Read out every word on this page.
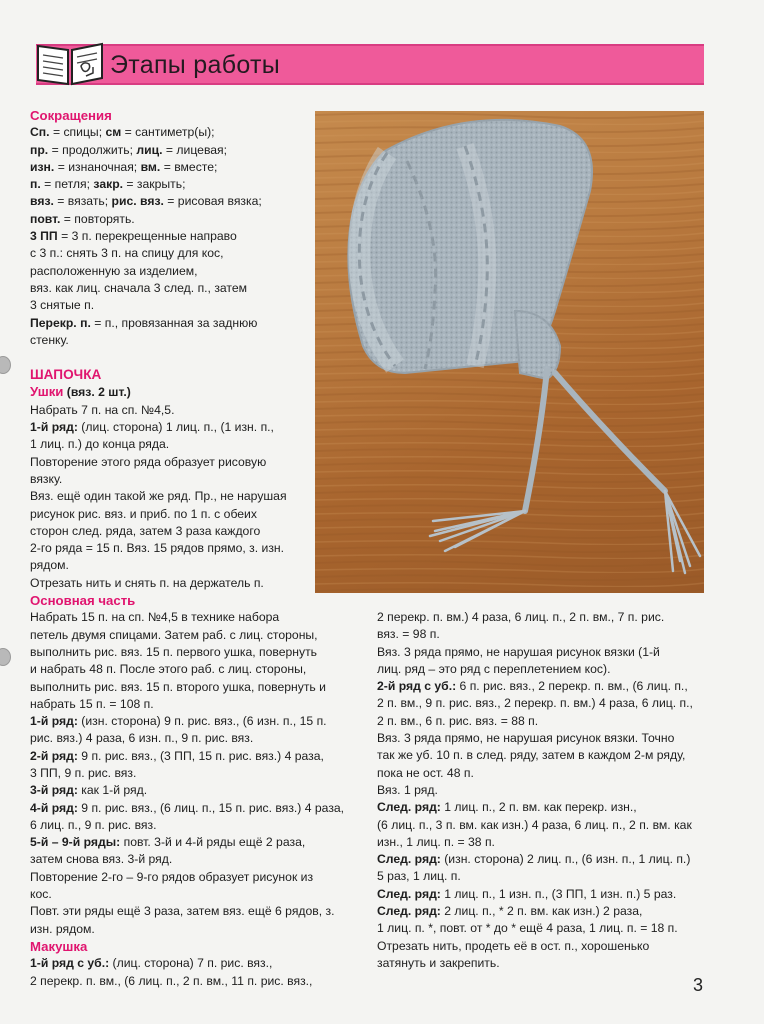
Этапы работы

Сокращения

Сп. = спицы; см = сантиметр(ы);

пр. = продолжить; лиц. = лицевая;

изн. = изнаночная; вм. = вместе;

п. = петля; закр. = закрыть;

вяз. = вязать; рис. вяз. = рисовая вязка;

повт. = повторять.

3 ПП = 3 п. перекрещенные направо

с 3 п.: снять 3 п. на спицу для кос,

расположенную за изделием,

вяз. как лиц. сначала 3 след. п., затем

3 снятые п.

Перекр. п. = п., провязанная за заднюю

стенку.

ШАПОЧКА

Ушки (вяз. 2 шт.)

Набрать 7 п. на сп. №4,5.

1-й ряд: (лиц. сторона) 1 лиц. п., (1 изн. п.,

1 лиц. п.) до конца ряда.

Повторение этого ряда образует рисовую

вязку.

Вяз. ещё один такой же ряд. Пр., не нарушая

рисунок рис. вяз. и приб. по 1 п. с обеих

сторон след. ряда, затем 3 раза каждого

2-го ряда = 15 п. Вяз. 15 рядов прямо, з. изн.

рядом.

Отрезать нить и снять п. на держатель п.

Основная часть

Набрать 15 п. на сп. №4,5 в технике набора

петель двумя спицами. Затем раб. с лиц. стороны,

выполнить рис. вяз. 15 п. первого ушка, повернуть

и набрать 48 п. После этого раб. с лиц. стороны,

выполнить рис. вяз. 15 п. второго ушка, повернуть и

набрать 15 п. = 108 п.

1-й ряд: (изн. сторона) 9 п. рис. вяз., (6 изн. п., 15 п.

рис. вяз.) 4 раза, 6 изн. п., 9 п. рис. вяз.

2-й ряд: 9 п. рис. вяз., (3 ПП, 15 п. рис. вяз.) 4 раза,

3 ПП, 9 п. рис. вяз.

3-й ряд: как 1-й ряд.

4-й ряд: 9 п. рис. вяз., (6 лиц. п., 15 п. рис. вяз.) 4 раза,

6 лиц. п., 9 п. рис. вяз.

5-й – 9-й ряды: повт. 3-й и 4-й ряды ещё 2 раза,

затем снова вяз. 3-й ряд.

Повторение 2-го – 9-го рядов образует рисунок из

кос.

Повт. эти ряды ещё 3 раза, затем вяз. ещё 6 рядов, з.

изн. рядом.

Макушка

1-й ряд с уб.: (лиц. сторона) 7 п. рис. вяз.,

2 перекр. п. вм., (6 лиц. п., 2 п. вм., 11 п. рис. вяз.,

2 перекр. п. вм.) 4 раза, 6 лиц. п., 2 п. вм., 7 п. рис.

вяз. = 98 п.

Вяз. 3 ряда прямо, не нарушая рисунок вязки (1-й

лиц. ряд – это ряд с переплетением кос).

2-й ряд с уб.: 6 п. рис. вяз., 2 перекр. п. вм., (6 лиц. п.,

2 п. вм., 9 п. рис. вяз., 2 перекр. п. вм.) 4 раза, 6 лиц. п.,

2 п. вм., 6 п. рис. вяз. = 88 п.

Вяз. 3 ряда прямо, не нарушая рисунок вязки. Точно

так же уб. 10 п. в след. ряду, затем в каждом 2-м ряду,

пока не ост. 48 п.

Вяз. 1 ряд.

След. ряд: 1 лиц. п., 2 п. вм. как перекр. изн.,

(6 лиц. п., 3 п. вм. как изн.) 4 раза, 6 лиц. п., 2 п. вм. как

изн., 1 лиц. п. = 38 п.

След. ряд: (изн. сторона) 2 лиц. п., (6 изн. п., 1 лиц. п.)

5 раз, 1 лиц. п.

След. ряд: 1 лиц. п., 1 изн. п., (3 ПП, 1 изн. п.) 5 раз.

След. ряд: 2 лиц. п., * 2 п. вм. как изн.) 2 раза,

1 лиц. п. *, повт. от * до * ещё 4 раза, 1 лиц. п. = 18 п.

Отрезать нить, продеть её в ост. п., хорошенько

затянуть и закрепить.

3
